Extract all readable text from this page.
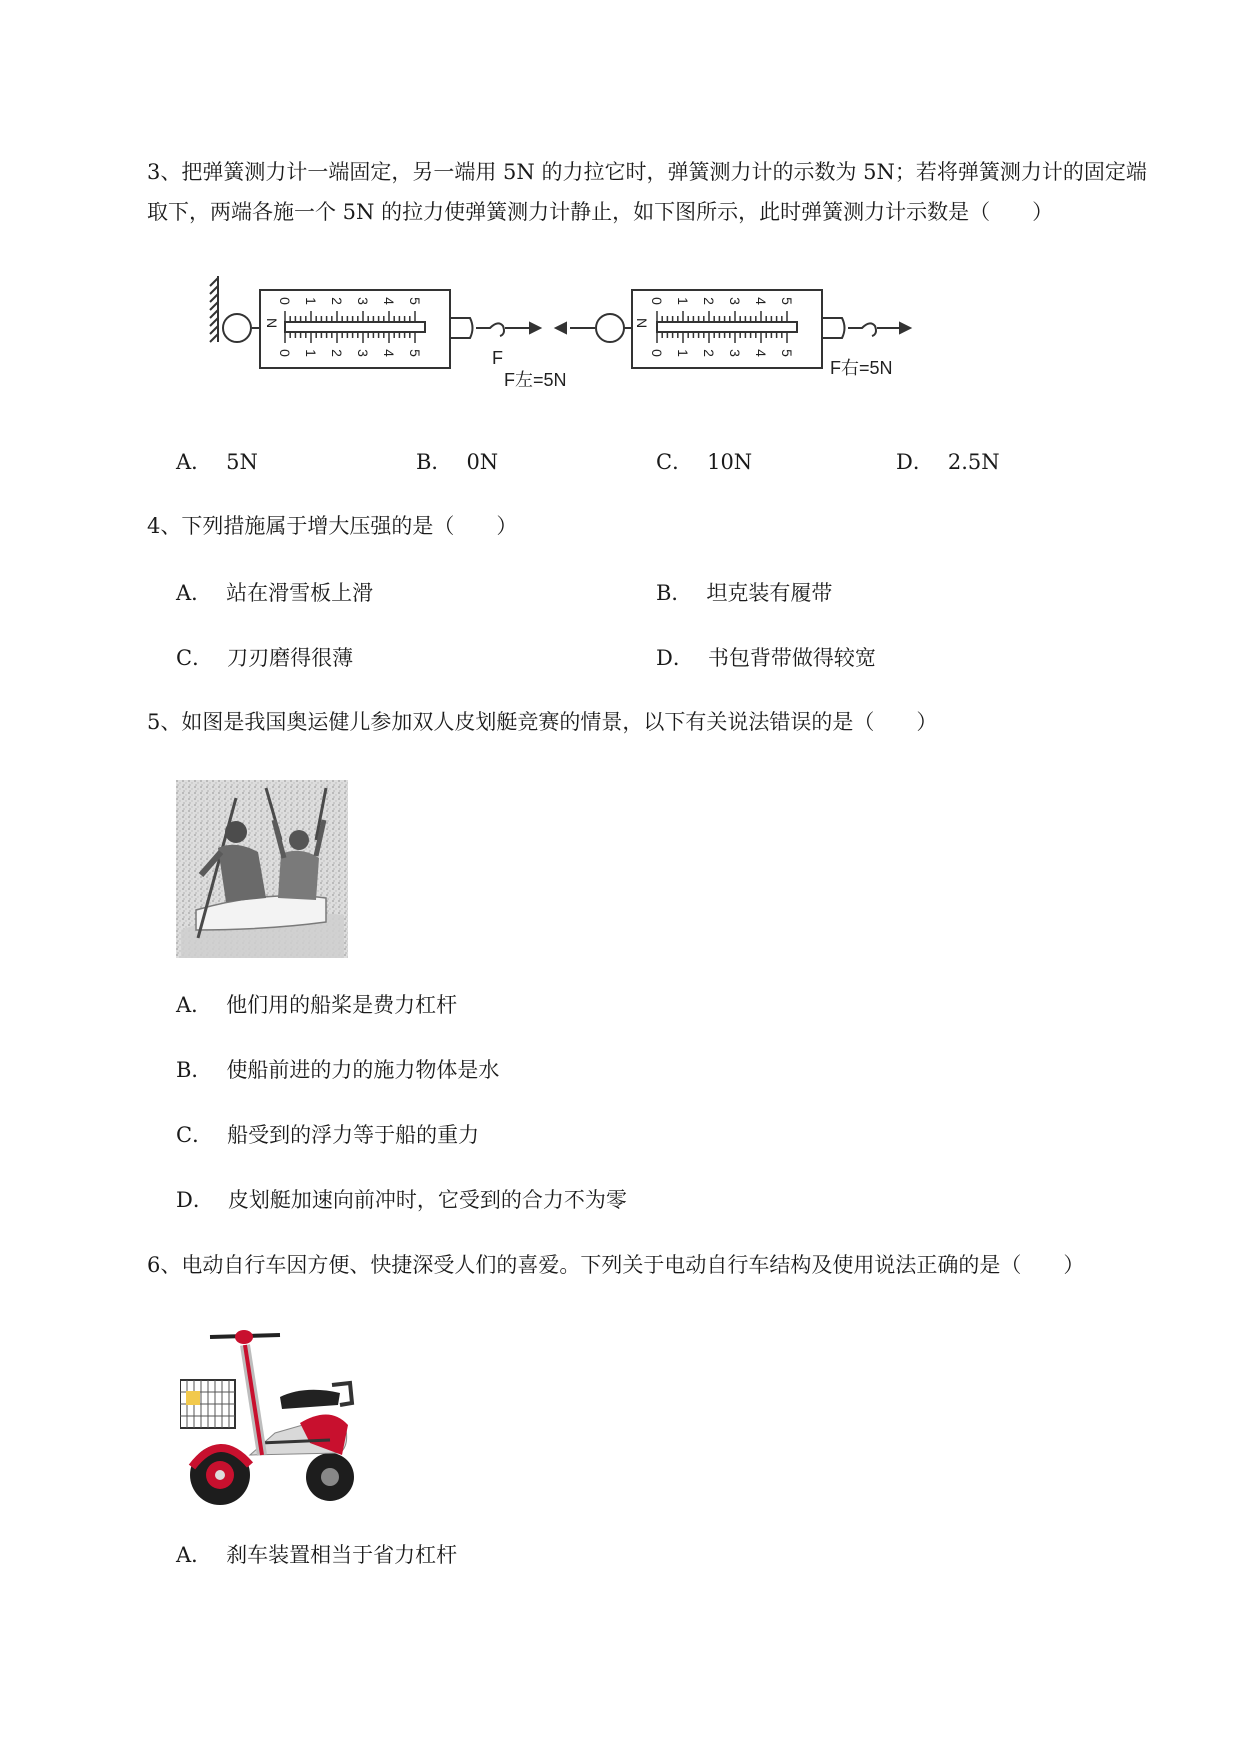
3、把弹簧测力计一端固定，另一端用 5N 的力拉它时，弹簧测力计的示数为 5N；若将弹簧测力计的固定端取下，两端各施一个 5N 的拉力使弹簧测力计静止，如下图所示，此时弹簧测力计示数是（　　）

F
F左=5N
F右=5N
0
0
1
1
2
2
3
3
4
4
5
5
N
0
0
1
1
2
2
3
3
4
4
5
5
N
A． 5N	B． 0N	C． 10N	D． 2.5N

4、下列措施属于增大压强的是（　　）

A． 站在滑雪板上滑	B． 坦克装有履带
C． 刀刃磨得很薄	D． 书包背带做得较宽

5、如图是我国奥运健儿参加双人皮划艇竞赛的情景，以下有关说法错误的是（　　）

A． 他们用的船桨是费力杠杆
B． 使船前进的力的施力物体是水
C． 船受到的浮力等于船的重力
D． 皮划艇加速向前冲时，它受到的合力不为零

6、电动自行车因方便、快捷深受人们的喜爱。下列关于电动自行车结构及使用说法正确的是（　　）

A． 刹车装置相当于省力杠杆
